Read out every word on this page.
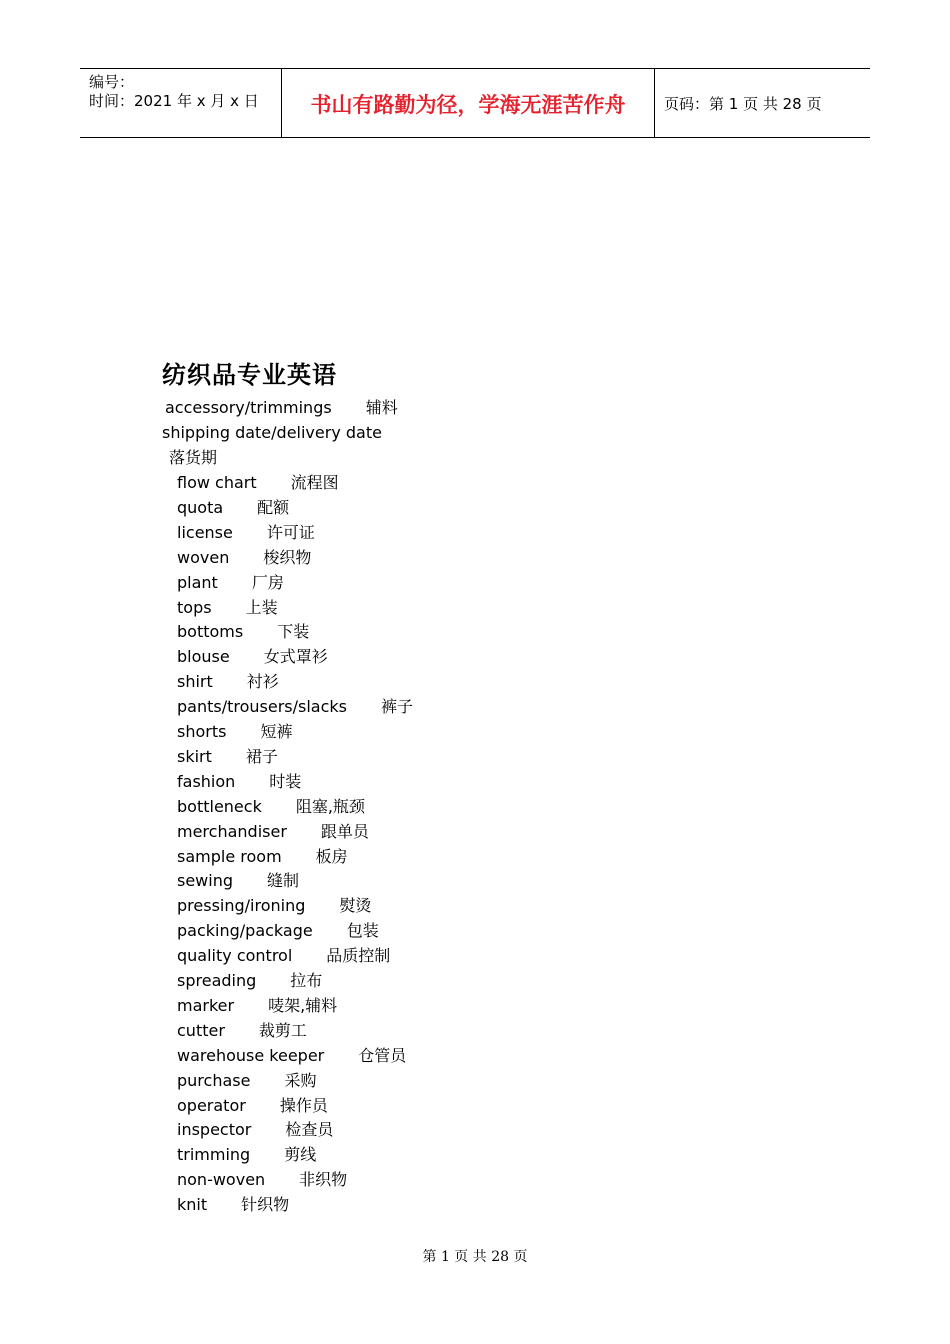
编号：
时间：2021 年 x 月 x 日	书山有路勤为径，学海无涯苦作舟	页码：第 1 页 共 28 页
纺织品专业英语
accessory/trimmings 辅料
shipping date/delivery date
落货期
flow chart 流程图
quota 配额
license 许可证
woven 梭织物
plant 厂房
tops 上装
bottoms 下装
blouse 女式罩衫
shirt 衬衫
pants/trousers/slacks 裤子
shorts 短裤
skirt 裙子
fashion 时装
bottleneck 阻塞,瓶颈
merchandiser 跟单员
sample room 板房
sewing 缝制
pressing/ironing 熨烫
packing/package 包装
quality control 品质控制
spreading 拉布
marker 唛架,辅料
cutter 裁剪工
warehouse keeper 仓管员
purchase 采购
operator 操作员
inspector 检查员
trimming 剪线
non-woven 非织物
knit 针织物
第 1 页 共 28 页
